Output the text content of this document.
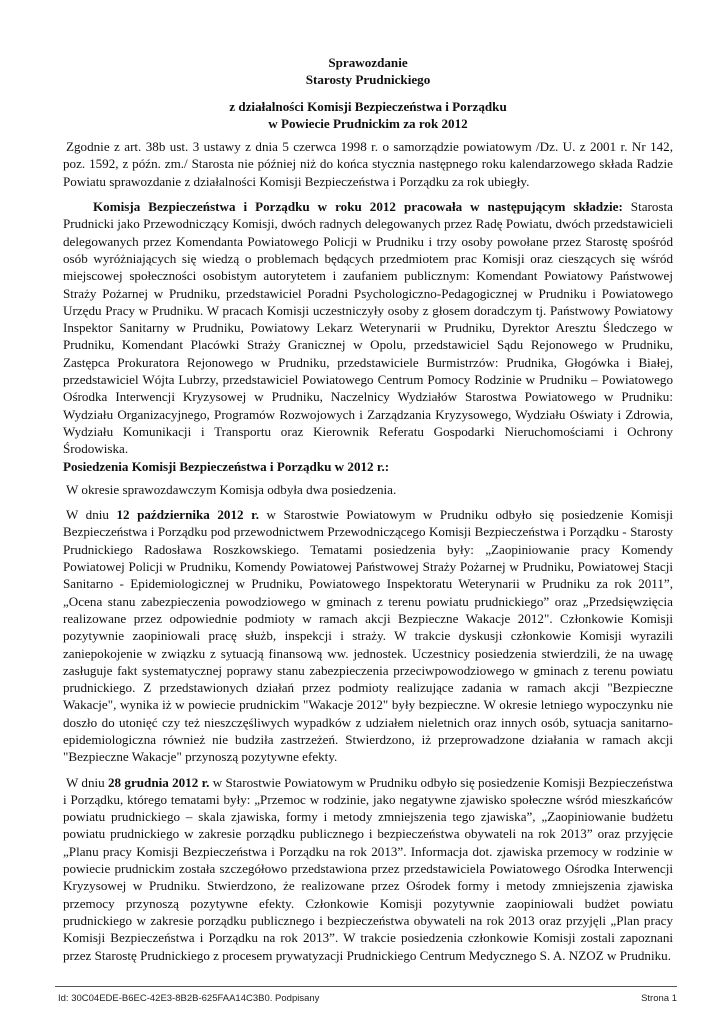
Sprawozdanie

Starosty Prudnickiego

z działalności Komisji Bezpieczeństwa i Porządku

w Powiecie Prudnickim za rok 2012

Zgodnie z art. 38b ust. 3 ustawy z dnia 5 czerwca 1998 r. o samorządzie powiatowym /Dz. U. z 2001 r. Nr 142, poz. 1592, z późn. zm./ Starosta nie później niż do końca stycznia następnego roku kalendarzowego składa Radzie Powiatu sprawozdanie z działalności Komisji Bezpieczeństwa i Porządku za rok ubiegły.

Komisja Bezpieczeństwa i Porządku w roku 2012 pracowała w następującym składzie: Starosta Prudnicki jako Przewodniczący Komisji, dwóch radnych delegowanych przez Radę Powiatu, dwóch przedstawicieli delegowanych przez Komendanta Powiatowego Policji w Prudniku i trzy osoby powołane przez Starostę spośród osób wyróżniających się wiedzą o problemach będących przedmiotem prac Komisji oraz cieszących się wśród miejscowej społeczności osobistym autorytetem i zaufaniem publicznym: Komendant Powiatowy Państwowej Straży Pożarnej w Prudniku, przedstawiciel Poradni Psychologiczno-Pedagogicznej w Prudniku i Powiatowego Urzędu Pracy w Prudniku. W pracach Komisji uczestniczyły osoby z głosem doradczym tj. Państwowy Powiatowy Inspektor Sanitarny w Prudniku, Powiatowy Lekarz Weterynarii w Prudniku, Dyrektor Aresztu Śledczego w Prudniku, Komendant Placówki Straży Granicznej w Opolu, przedstawiciel Sądu Rejonowego w Prudniku, Zastępca Prokuratora Rejonowego w Prudniku, przedstawiciele Burmistrzów: Prudnika, Głogówka i Białej, przedstawiciel Wójta Lubrzy, przedstawiciel Powiatowego Centrum Pomocy Rodzinie w Prudniku – Powiatowego Ośrodka Interwencji Kryzysowej w Prudniku, Naczelnicy Wydziałów Starostwa Powiatowego w Prudniku: Wydziału Organizacyjnego, Programów Rozwojowych i Zarządzania Kryzysowego, Wydziału Oświaty i Zdrowia, Wydziału Komunikacji i Transportu oraz Kierownik Referatu Gospodarki Nieruchomościami i Ochrony Środowiska.

Posiedzenia Komisji Bezpieczeństwa i Porządku w 2012 r.:

W okresie sprawozdawczym Komisja odbyła dwa posiedzenia.

W dniu 12 października 2012 r. w Starostwie Powiatowym w Prudniku odbyło się posiedzenie Komisji Bezpieczeństwa i Porządku pod przewodnictwem Przewodniczącego Komisji Bezpieczeństwa i Porządku - Starosty Prudnickiego Radosława Roszkowskiego. Tematami posiedzenia były: „Zaopiniowanie pracy Komendy Powiatowej Policji w Prudniku, Komendy Powiatowej Państwowej Straży Pożarnej w Prudniku, Powiatowej Stacji Sanitarno - Epidemiologicznej w Prudniku, Powiatowego Inspektoratu Weterynarii w Prudniku za rok 2011”, „Ocena stanu zabezpieczenia powodziowego w gminach z terenu powiatu prudnickiego” oraz „Przedsięwzięcia realizowane przez odpowiednie podmioty w ramach akcji Bezpieczne Wakacje 2012". Członkowie Komisji pozytywnie zaopiniowali pracę służb, inspekcji i straży. W trakcie dyskusji członkowie Komisji wyrazili zaniepokojenie w związku z sytuacją finansową ww. jednostek. Uczestnicy posiedzenia stwierdzili, że na uwagę zasługuje fakt systematycznej poprawy stanu zabezpieczenia przeciwpowodziowego w gminach z terenu powiatu prudnickiego. Z przedstawionych działań przez podmioty realizujące zadania w ramach akcji "Bezpieczne Wakacje", wynika iż w powiecie prudnickim "Wakacje 2012" były bezpieczne. W okresie letniego wypoczynku nie doszło do utonięć czy też nieszczęśliwych wypadków z udziałem nieletnich oraz innych osób, sytuacja sanitarno-epidemiologiczna również nie budziła zastrzeżeń. Stwierdzono, iż przeprowadzone działania w ramach akcji "Bezpieczne Wakacje" przynoszą pozytywne efekty.

W dniu 28 grudnia 2012 r. w Starostwie Powiatowym w Prudniku odbyło się posiedzenie Komisji Bezpieczeństwa i Porządku, którego tematami były: „Przemoc w rodzinie, jako negatywne zjawisko społeczne wśród mieszkańców powiatu prudnickiego – skala zjawiska, formy i metody zmniejszenia tego zjawiska”, „Zaopiniowanie budżetu powiatu prudnickiego w zakresie porządku publicznego i bezpieczeństwa obywateli na rok 2013” oraz przyjęcie „Planu pracy Komisji Bezpieczeństwa i Porządku na rok 2013”. Informacja dot. zjawiska przemocy w rodzinie w powiecie prudnickim została szczegółowo przedstawiona przez przedstawiciela Powiatowego Ośrodka Interwencji Kryzysowej w Prudniku. Stwierdzono, że realizowane przez Ośrodek formy i metody zmniejszenia zjawiska przemocy przynoszą pozytywne efekty. Członkowie Komisji pozytywnie zaopiniowali budżet powiatu prudnickiego w zakresie porządku publicznego i bezpieczeństwa obywateli na rok 2013 oraz przyjęli „Plan pracy Komisji Bezpieczeństwa i Porządku na rok 2013”. W trakcie posiedzenia członkowie Komisji zostali zapoznani przez Starostę Prudnickiego z procesem prywatyzacji Prudnickiego Centrum Medycznego S. A. NZOZ w Prudniku.

Id: 30C04EDE-B6EC-42E3-8B2B-625FAA14C3B0. Podpisany	Strona 1
